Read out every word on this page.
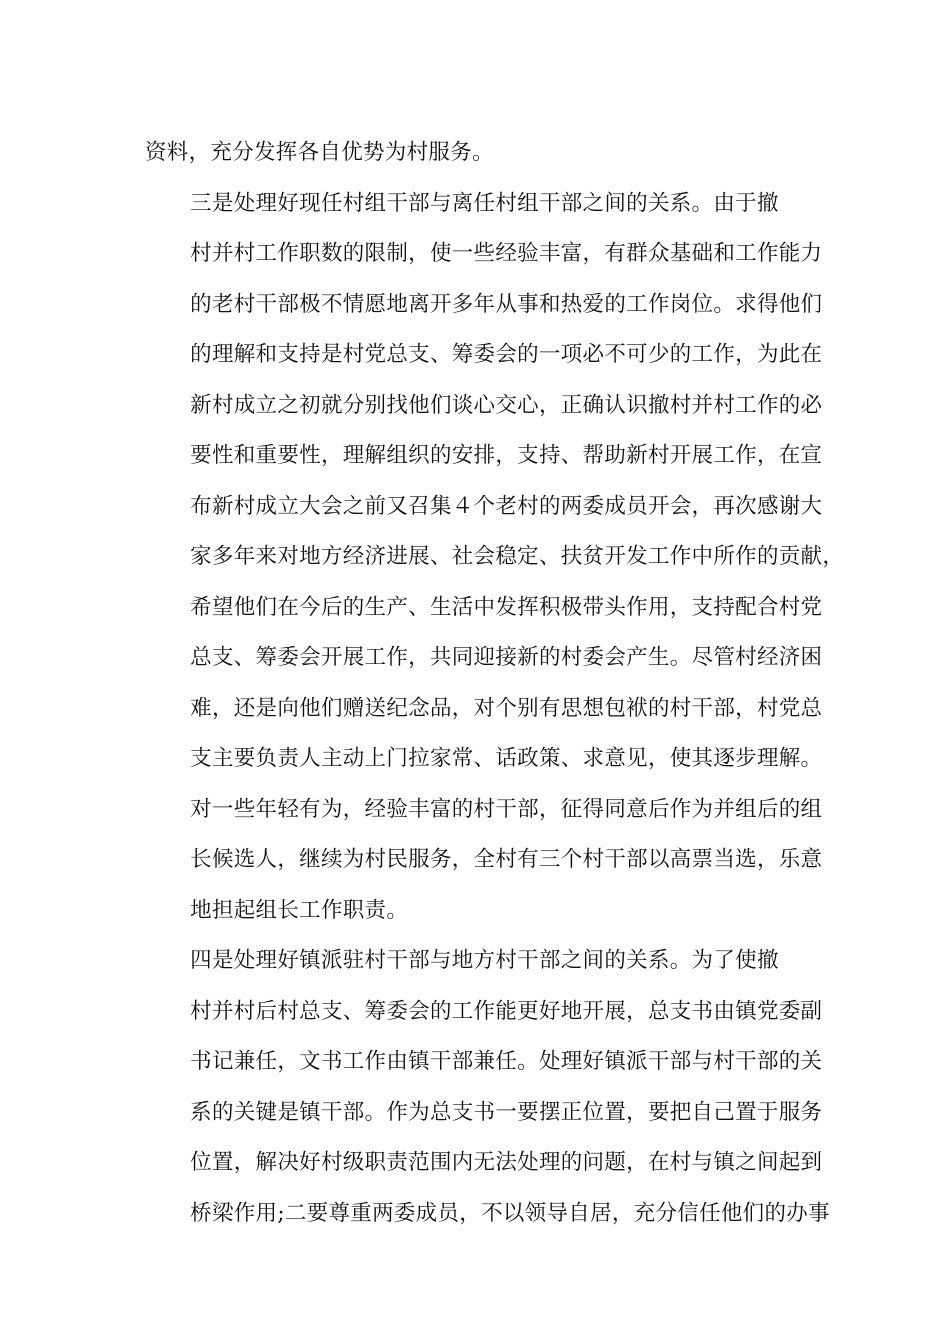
资料，充分发挥各自优势为村服务。

三是处理好现任村组干部与离任村组干部之间的关系。由于撤
村并村工作职数的限制，使一些经验丰富，有群众基础和工作能力
的老村干部极不情愿地离开多年从事和热爱的工作岗位。求得他们
的理解和支持是村党总支、筹委会的一项必不可少的工作，为此在
新村成立之初就分别找他们谈心交心，正确认识撤村并村工作的必
要性和重要性，理解组织的安排，支持、帮助新村开展工作，在宣
布新村成立大会之前又召集４个老村的两委成员开会，再次感谢大
家多年来对地方经济进展、社会稳定、扶贫开发工作中所作的贡献，
希望他们在今后的生产、生活中发挥积极带头作用，支持配合村党
总支、筹委会开展工作，共同迎接新的村委会产生。尽管村经济困
难，还是向他们赠送纪念品，对个别有思想包袱的村干部，村党总
支主要负责人主动上门拉家常、话政策、求意见，使其逐步理解。
对一些年轻有为，经验丰富的村干部，征得同意后作为并组后的组
长候选人，继续为村民服务，全村有三个村干部以高票当选，乐意
地担起组长工作职责。

四是处理好镇派驻村干部与地方村干部之间的关系。为了使撤
村并村后村总支、筹委会的工作能更好地开展，总支书由镇党委副
书记兼任，文书工作由镇干部兼任。处理好镇派干部与村干部的关
系的关键是镇干部。作为总支书一要摆正位置，要把自己置于服务
位置，解决好村级职责范围内无法处理的问题，在村与镇之间起到
桥梁作用;二要尊重两委成员，不以领导自居，充分信任他们的办事
